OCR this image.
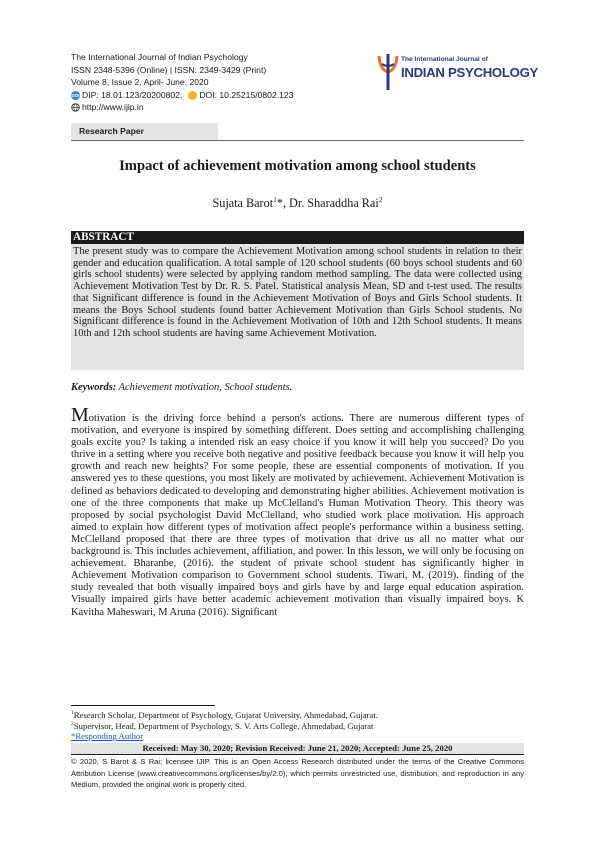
The International Journal of Indian Psychology
ISSN 2348-5396 (Online) | ISSN: 2349-3429 (Print)
Volume 8, Issue 2, April- June, 2020
DOI DIP: 18.01.123/20200802, DOI: 10.25215/0802.123
http://www.ijip.in
The International Journal of
INDIAN PSYCHOLOGY
Research Paper
Impact of achievement motivation among school students
Sujata Barot$^1$*, Dr. Sharaddha Rai$^2$
ABSTRACT
The present study was to compare the Achievement Motivation among school students in relation to their gender and education qualification. A total sample of 120 school students (60 boys school students and 60 girls school students) were selected by applying random method sampling. The data were collected using Achievement Motivation Test by Dr. R. S. Patel. Statistical analysis Mean, SD and t-test used. The results that Significant difference is found in the Achievement Motivation of Boys and Girls School students. It means the Boys School students found batter Achievement Motivation than Girls School students. No Significant difference is found in the Achievement Motivation of 10th and 12th School students. It means 10th and 12th school students are having same Achievement Motivation.
Keywords: Achievement motivation, School students.
Motivation is the driving force behind a person's actions. There are numerous different types of motivation, and everyone is inspired by something different. Does setting and accomplishing challenging goals excite you? Is taking a intended risk an easy choice if you know it will help you succeed? Do you thrive in a setting where you receive both negative and positive feedback because you know it will help you growth and reach new heights? For some people, these are essential components of motivation. If you answered yes to these questions, you most likely are motivated by achievement. Achievement Motivation is defined as behaviors dedicated to developing and demonstrating higher abilities. Achievement motivation is one of the three components that make up McClelland's Human Motivation Theory. This theory was proposed by social psychologist David McClelland, who studied work place motivation. His approach aimed to explain how different types of motivation affect people's performance within a business setting. McClelland proposed that there are three types of motivation that drive us all no matter what our background is. This includes achievement, affiliation, and power. In this lesson, we will only be focusing on achievement. Bharanbe, (2016). the student of private school student has significantly higher in Achievement Motivation comparison to Government school students. Tiwari, M. (2019). finding of the study revealed that both visually impaired boys and girls have by and large equal education aspiration. Visually impaired girls have better academic achievement motivation than visually impaired boys. K Kavitha Maheswari, M Aruna (2016). Significant
$^1$Research Scholar, Department of Psychology, Gujarat University, Ahmedabad, Gujarat.
$^2$Supervisor, Head, Department of Psychology, S. V. Arts College, Ahmedabad, Gujarat
*Responding Author
Received: May 30, 2020; Revision Received: June 21, 2020; Accepted: June 25, 2020
© 2020, S Barot & S Rai; licensee IJIP. This is an Open Access Research distributed under the terms of the Creative Commons Attribution License (www.creativecommons.org/licenses/by/2.0), which permits unrestricted use, distribution, and reproduction in any Medium, provided the original work is properly cited.
